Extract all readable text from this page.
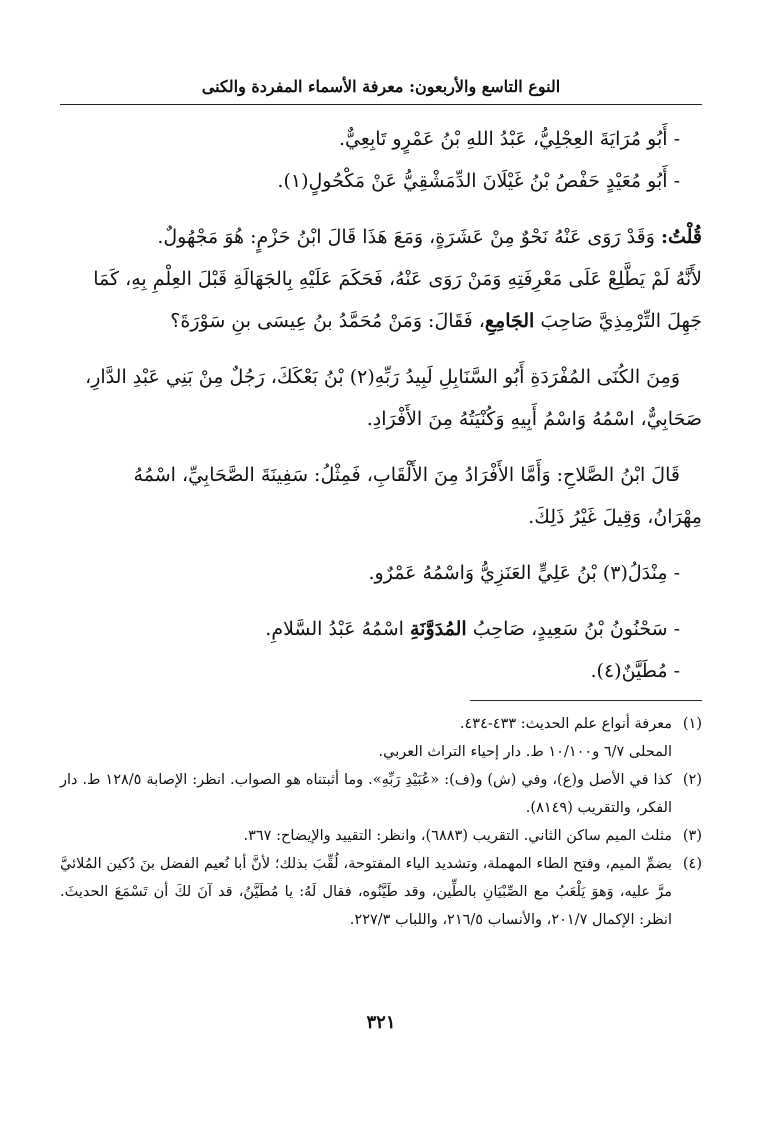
النوع التاسع والأربعون: معرفة الأسماء المفردة والكنى

- أَبُو مُرَايَةَ العِجْلِيُّ، عَبْدُ اللهِ بْنُ عَمْرٍو تَابِعِيٌّ.

- أَبُو مُعَيْدٍ حَفْصُ بْنُ غَيْلَانَ الدِّمَشْقِيُّ عَنْ مَكْحُولٍ(١).

قُلْتُ: وَقَدْ رَوَى عَنْهُ نَحْوٌ مِنْ عَشَرَةٍ، وَمَعَ هَذَا قَالَ ابْنُ حَزْمٍ: هُوَ مَجْهُولٌ.

لأَنَّهُ لَمْ يَطَّلِعْ عَلَى مَعْرِفَتِهِ وَمَنْ رَوَى عَنْهُ، فَحَكَمَ عَلَيْهِ بِالجَهَالَةِ قَبْلَ العِلْمِ بِهِ، كَمَا

جَهِلَ التِّرْمِذِيَّ صَاحِبَ الجَامِعِ، فَقَالَ: وَمَنْ مُحَمَّدُ بنُ عِيسَى بنِ سَوْرَةَ؟

وَمِنَ الكُنَى المُفْرَدَةِ أَبُو السَّنَابِلِ لَبِيدُ رَبِّهِ(٢) بْنُ بَعْكَكَ، رَجُلٌ مِنْ بَنِي عَبْدِ الدَّارِ،

صَحَابِيٌّ، اسْمُهُ وَاسْمُ أَبِيهِ وَكُنْيَتُهُ مِنَ الأَفْرَادِ.

قَالَ ابْنُ الصَّلاحِ: وَأَمَّا الأَفْرَادُ مِنَ الأَلْقَابِ، فَمِثْلُ: سَفِينَةَ الصَّحَابِيِّ، اسْمُهُ

مِهْرَانُ، وَقِيلَ غَيْرُ ذَلِكَ.

- مِنْدَلُ(٣) بْنُ عَلِيٍّ العَنَزِيُّ وَاسْمُهُ عَمْرٌو.

- سَحْنُونُ بْنُ سَعِيدٍ، صَاحِبُ المُدَوَّنَةِ اسْمُهُ عَبْدُ السَّلامِ.

- مُطَيَّنٌ(٤).

(١)
معرفة أنواع علم الحديث: ٤٣٣-٤٣٤.
المحلى ٦/٧ و١٠/١٠٠ ط. دار إحياء التراث العربي.
(٢)
كذا في الأصل و(ع)، وفي (ش) و(ف): «عُبَيْدِ رَبِّهِ». وما أثبتناه هو الصواب. انظر: الإصابة ١٢٨/٥ ط. دار الفكر، والتقريب (٨١٤٩).
(٣)
مثلث الميم ساكن الثاني. التقريب (٦٨٨٣)، وانظر: التقييد والإيضاح: ٣٦٧.
(٤)
بضمِّ الميم، وفتح الطاء المهملة، وتشديد الياء المفتوحة، لُقِّبَ بذلك؛ لأنَّ أبا نُعيم الفضل بنَ دُكين المُلائيَّ مرَّ عليه، وَهوَ يَلْعَبُ مع الصِّبْيَانِ بالطِّين، وقد طَيَّنُوه، فقال لَهُ: يا مُطَيَّنُ، قد آنَ لكَ أن تَسْمَعَ الحديثَ. انظر: الإكمال ٢٠١/٧، والأنساب ٢١٦/٥، واللباب ٢٢٧/٣.
٣٢١
